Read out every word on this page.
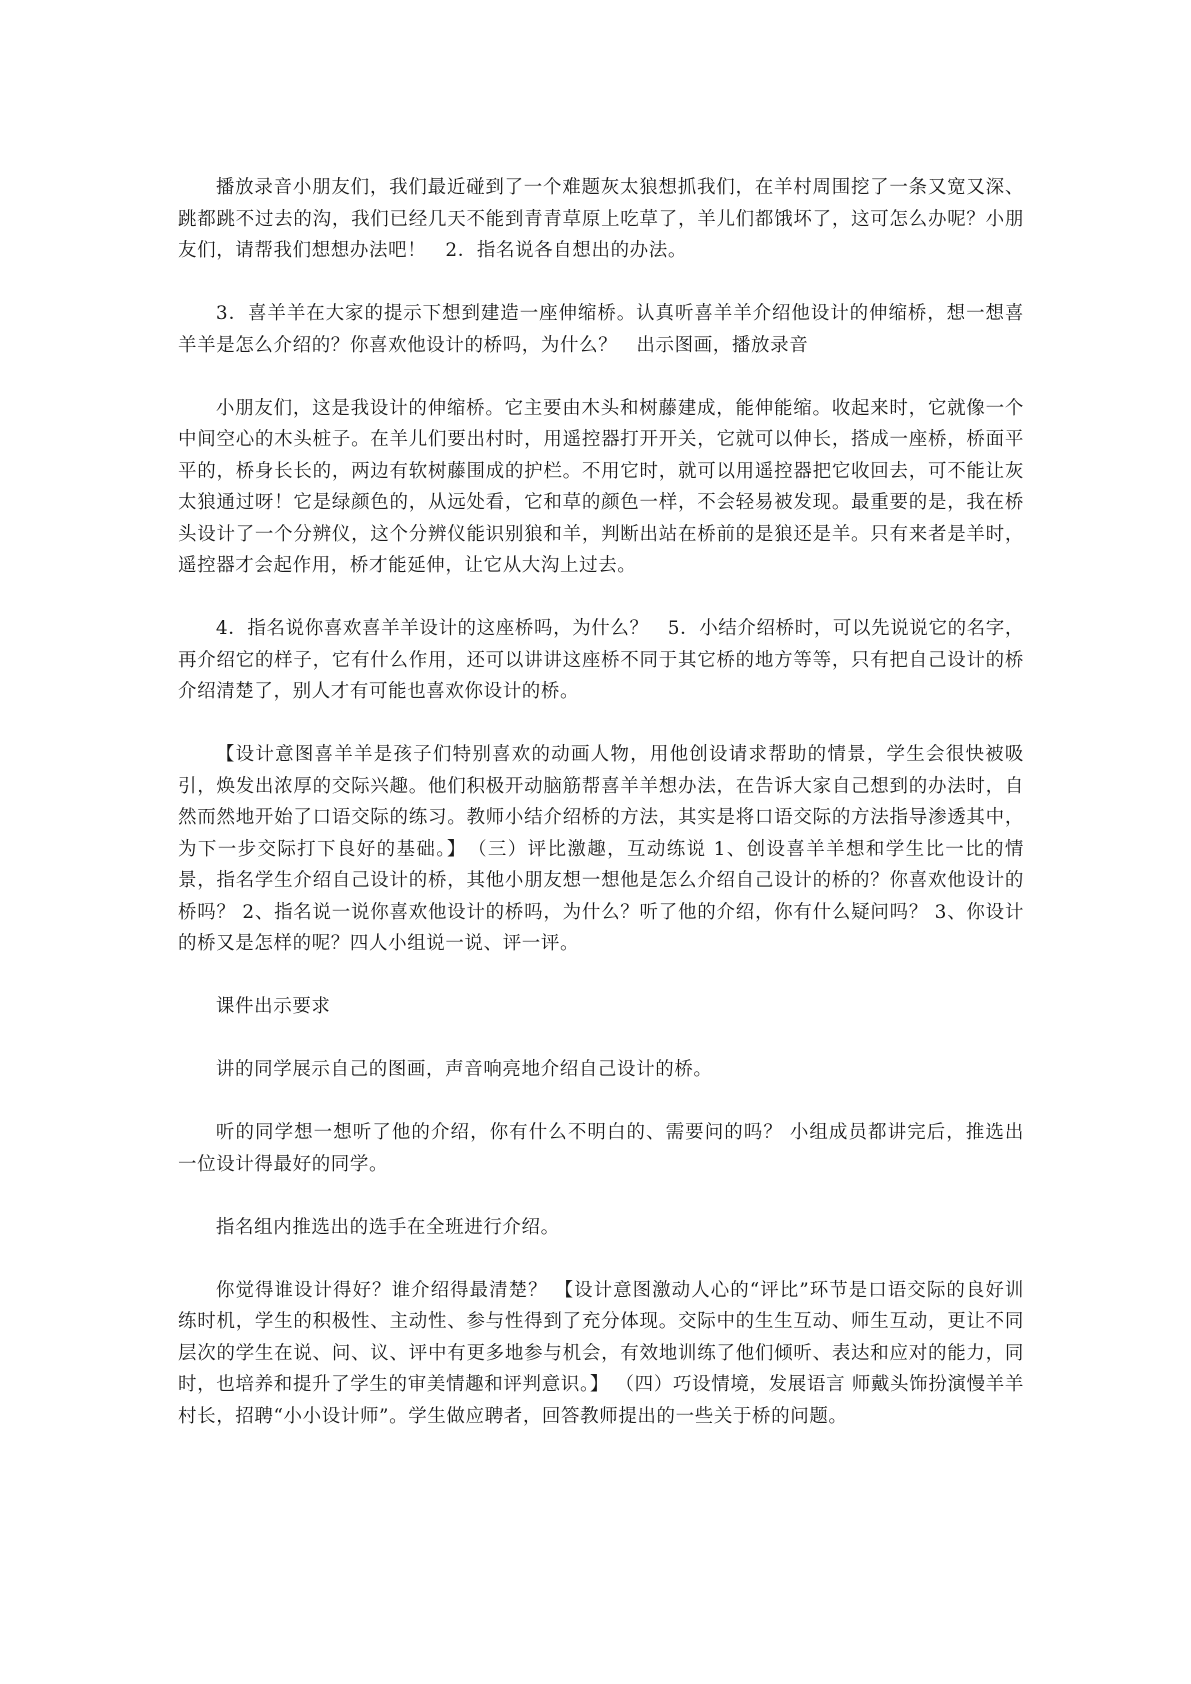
播放录音小朋友们，我们最近碰到了一个难题灰太狼想抓我们，在羊村周围挖了一条又宽又深、跳都跳不过去的沟，我们已经几天不能到青青草原上吃草了，羊儿们都饿坏了，这可怎么办呢？小朋友们，请帮我们想想办法吧！　2．指名说各自想出的办法。

3．喜羊羊在大家的提示下想到建造一座伸缩桥。认真听喜羊羊介绍他设计的伸缩桥，想一想喜羊羊是怎么介绍的？你喜欢他设计的桥吗，为什么？　出示图画，播放录音

小朋友们，这是我设计的伸缩桥。它主要由木头和树藤建成，能伸能缩。收起来时，它就像一个中间空心的木头桩子。在羊儿们要出村时，用遥控器打开开关，它就可以伸长，搭成一座桥，桥面平平的，桥身长长的，两边有软树藤围成的护栏。不用它时，就可以用遥控器把它收回去，可不能让灰太狼通过呀！它是绿颜色的，从远处看，它和草的颜色一样，不会轻易被发现。最重要的是，我在桥头设计了一个分辨仪，这个分辨仪能识别狼和羊，判断出站在桥前的是狼还是羊。只有来者是羊时，遥控器才会起作用，桥才能延伸，让它从大沟上过去。

4．指名说你喜欢喜羊羊设计的这座桥吗，为什么？　5．小结介绍桥时，可以先说说它的名字，再介绍它的样子，它有什么作用，还可以讲讲这座桥不同于其它桥的地方等等，只有把自己设计的桥介绍清楚了，别人才有可能也喜欢你设计的桥。

【设计意图喜羊羊是孩子们特别喜欢的动画人物，用他创设请求帮助的情景，学生会很快被吸引，焕发出浓厚的交际兴趣。他们积极开动脑筋帮喜羊羊想办法，在告诉大家自己想到的办法时，自然而然地开始了口语交际的练习。教师小结介绍桥的方法，其实是将口语交际的方法指导渗透其中，为下一步交际打下良好的基础。】　（三）评比激趣，互动练说 1、创设喜羊羊想和学生比一比的情景，指名学生介绍自己设计的桥，其他小朋友想一想他是怎么介绍自己设计的桥的？你喜欢他设计的桥吗？ 2、指名说一说你喜欢他设计的桥吗，为什么？听了他的介绍，你有什么疑问吗？ 3、你设计的桥又是怎样的呢？四人小组说一说、评一评。

课件出示要求

讲的同学展示自己的图画，声音响亮地介绍自己设计的桥。

听的同学想一想听了他的介绍，你有什么不明白的、需要问的吗？ 小组成员都讲完后，推选出一位设计得最好的同学。

指名组内推选出的选手在全班进行介绍。

你觉得谁设计得好？谁介绍得最清楚？ 【设计意图激动人心的“评比”环节是口语交际的良好训练时机，学生的积极性、主动性、参与性得到了充分体现。交际中的生生互动、师生互动，更让不同层次的学生在说、问、议、评中有更多地参与机会，有效地训练了他们倾听、表达和应对的能力，同时，也培养和提升了学生的审美情趣和评判意识。】 （四）巧设情境，发展语言 师戴头饰扮演慢羊羊村长，招聘“小小设计师”。学生做应聘者，回答教师提出的一些关于桥的问题。
